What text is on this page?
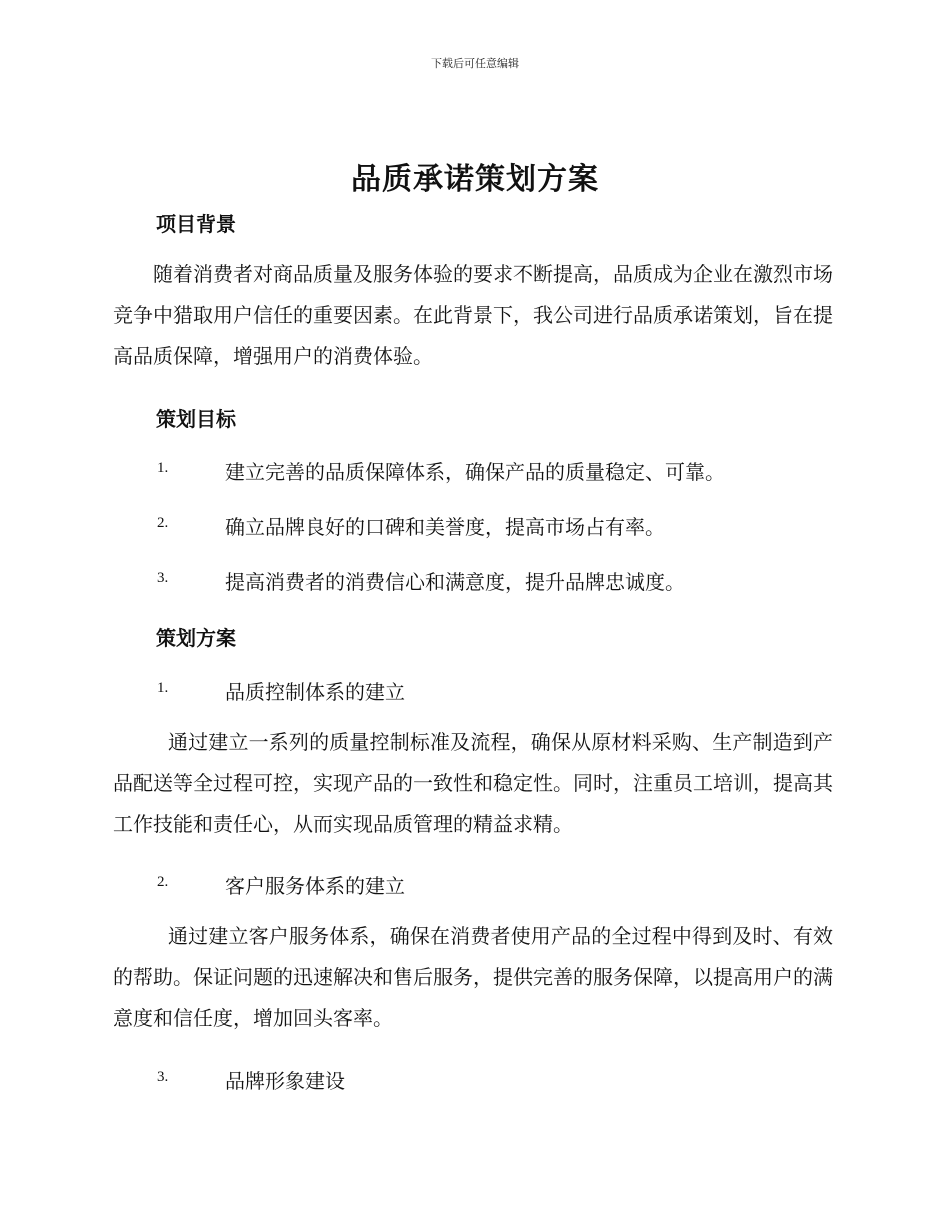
下载后可任意编辑
品质承诺策划方案
项目背景
随着消费者对商品质量及服务体验的要求不断提高，品质成为企业在激烈市场竞争中猎取用户信任的重要因素。在此背景下，我公司进行品质承诺策划，旨在提高品质保障，增强用户的消费体验。
策划目标
1.	建立完善的品质保障体系，确保产品的质量稳定、可靠。
2.	确立品牌良好的口碑和美誉度，提高市场占有率。
3.	提高消费者的消费信心和满意度，提升品牌忠诚度。
策划方案
1.	品质控制体系的建立
通过建立一系列的质量控制标准及流程，确保从原材料采购、生产制造到产品配送等全过程可控，实现产品的一致性和稳定性。同时，注重员工培训，提高其工作技能和责任心，从而实现品质管理的精益求精。
2.	客户服务体系的建立
通过建立客户服务体系，确保在消费者使用产品的全过程中得到及时、有效的帮助。保证问题的迅速解决和售后服务，提供完善的服务保障，以提高用户的满意度和信任度，增加回头客率。
3.	品牌形象建设
